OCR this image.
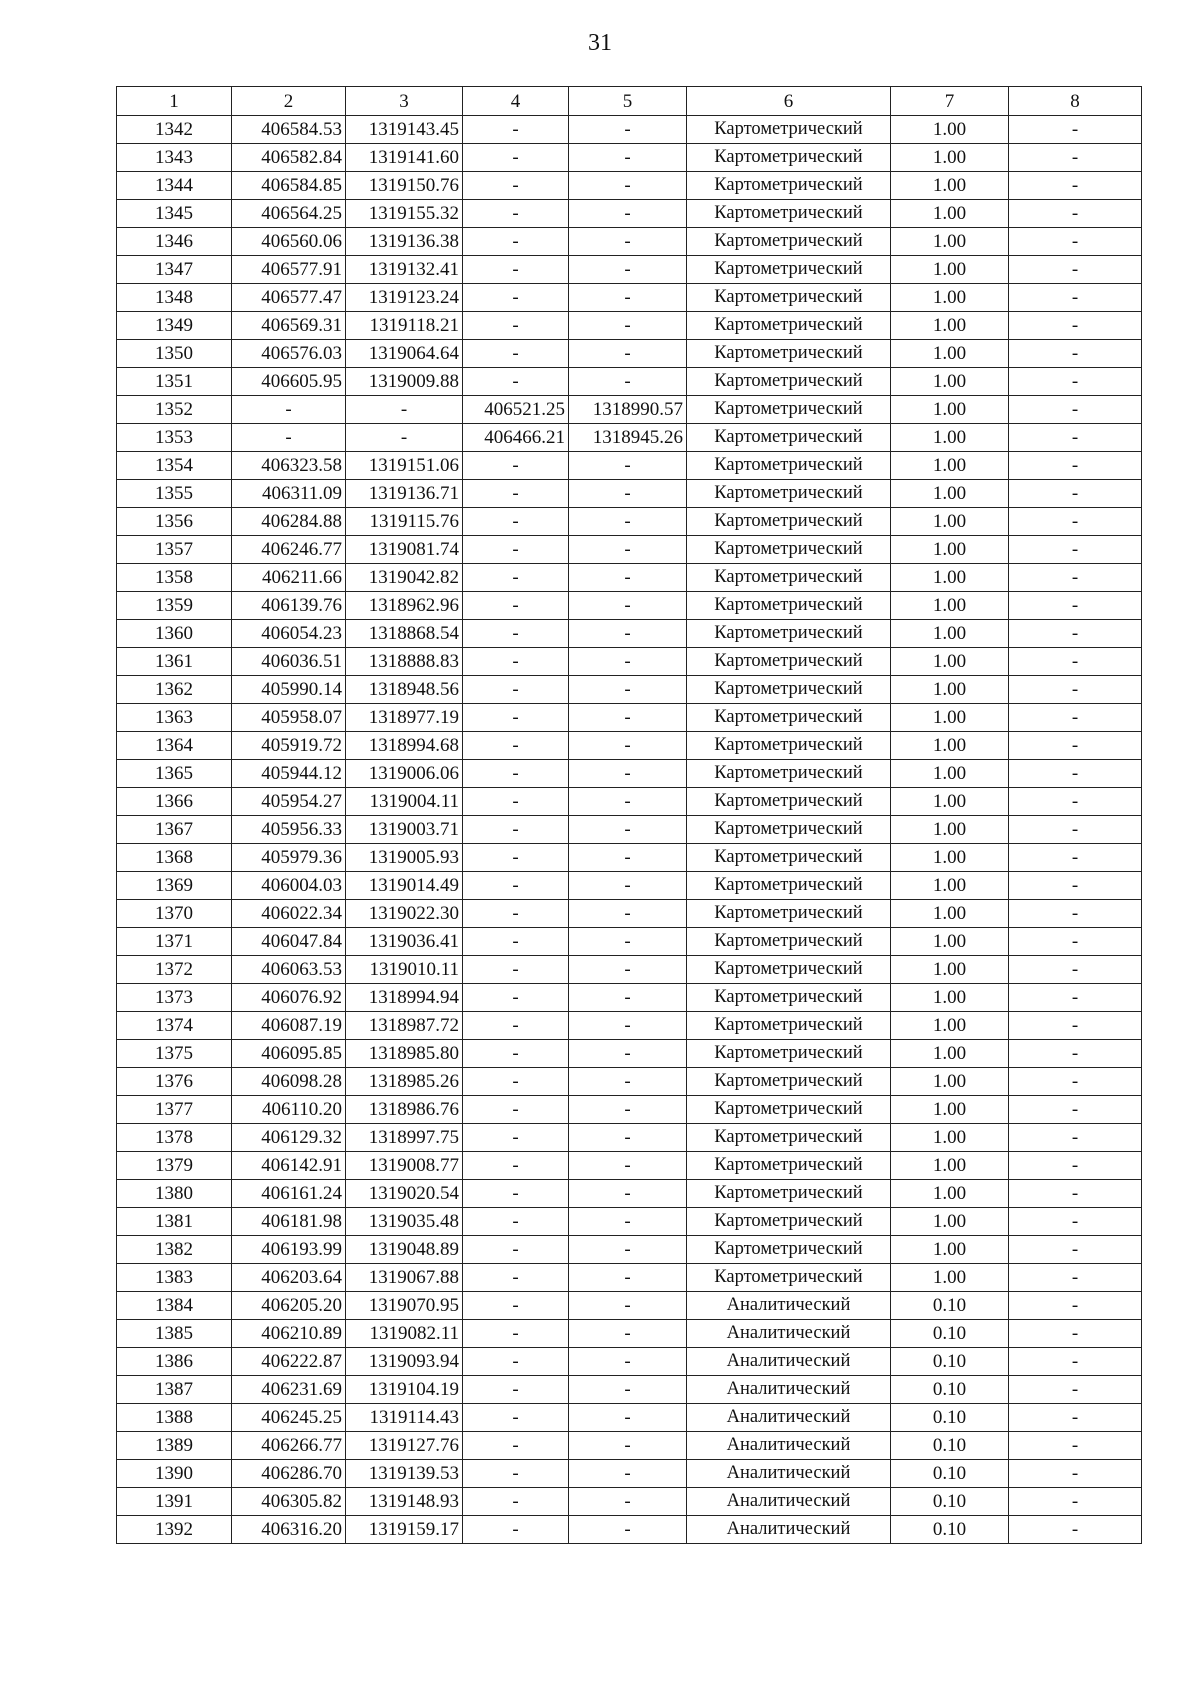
31
1	2	3	4	5	6	7	8
1342	406584.53	1319143.45	-	-	Картометрический	1.00	-
1343	406582.84	1319141.60	-	-	Картометрический	1.00	-
1344	406584.85	1319150.76	-	-	Картометрический	1.00	-
1345	406564.25	1319155.32	-	-	Картометрический	1.00	-
1346	406560.06	1319136.38	-	-	Картометрический	1.00	-
1347	406577.91	1319132.41	-	-	Картометрический	1.00	-
1348	406577.47	1319123.24	-	-	Картометрический	1.00	-
1349	406569.31	1319118.21	-	-	Картометрический	1.00	-
1350	406576.03	1319064.64	-	-	Картометрический	1.00	-
1351	406605.95	1319009.88	-	-	Картометрический	1.00	-
1352	-	-	406521.25	1318990.57	Картометрический	1.00	-
1353	-	-	406466.21	1318945.26	Картометрический	1.00	-
1354	406323.58	1319151.06	-	-	Картометрический	1.00	-
1355	406311.09	1319136.71	-	-	Картометрический	1.00	-
1356	406284.88	1319115.76	-	-	Картометрический	1.00	-
1357	406246.77	1319081.74	-	-	Картометрический	1.00	-
1358	406211.66	1319042.82	-	-	Картометрический	1.00	-
1359	406139.76	1318962.96	-	-	Картометрический	1.00	-
1360	406054.23	1318868.54	-	-	Картометрический	1.00	-
1361	406036.51	1318888.83	-	-	Картометрический	1.00	-
1362	405990.14	1318948.56	-	-	Картометрический	1.00	-
1363	405958.07	1318977.19	-	-	Картометрический	1.00	-
1364	405919.72	1318994.68	-	-	Картометрический	1.00	-
1365	405944.12	1319006.06	-	-	Картометрический	1.00	-
1366	405954.27	1319004.11	-	-	Картометрический	1.00	-
1367	405956.33	1319003.71	-	-	Картометрический	1.00	-
1368	405979.36	1319005.93	-	-	Картометрический	1.00	-
1369	406004.03	1319014.49	-	-	Картометрический	1.00	-
1370	406022.34	1319022.30	-	-	Картометрический	1.00	-
1371	406047.84	1319036.41	-	-	Картометрический	1.00	-
1372	406063.53	1319010.11	-	-	Картометрический	1.00	-
1373	406076.92	1318994.94	-	-	Картометрический	1.00	-
1374	406087.19	1318987.72	-	-	Картометрический	1.00	-
1375	406095.85	1318985.80	-	-	Картометрический	1.00	-
1376	406098.28	1318985.26	-	-	Картометрический	1.00	-
1377	406110.20	1318986.76	-	-	Картометрический	1.00	-
1378	406129.32	1318997.75	-	-	Картометрический	1.00	-
1379	406142.91	1319008.77	-	-	Картометрический	1.00	-
1380	406161.24	1319020.54	-	-	Картометрический	1.00	-
1381	406181.98	1319035.48	-	-	Картометрический	1.00	-
1382	406193.99	1319048.89	-	-	Картометрический	1.00	-
1383	406203.64	1319067.88	-	-	Картометрический	1.00	-
1384	406205.20	1319070.95	-	-	Аналитический	0.10	-
1385	406210.89	1319082.11	-	-	Аналитический	0.10	-
1386	406222.87	1319093.94	-	-	Аналитический	0.10	-
1387	406231.69	1319104.19	-	-	Аналитический	0.10	-
1388	406245.25	1319114.43	-	-	Аналитический	0.10	-
1389	406266.77	1319127.76	-	-	Аналитический	0.10	-
1390	406286.70	1319139.53	-	-	Аналитический	0.10	-
1391	406305.82	1319148.93	-	-	Аналитический	0.10	-
1392	406316.20	1319159.17	-	-	Аналитический	0.10	-
